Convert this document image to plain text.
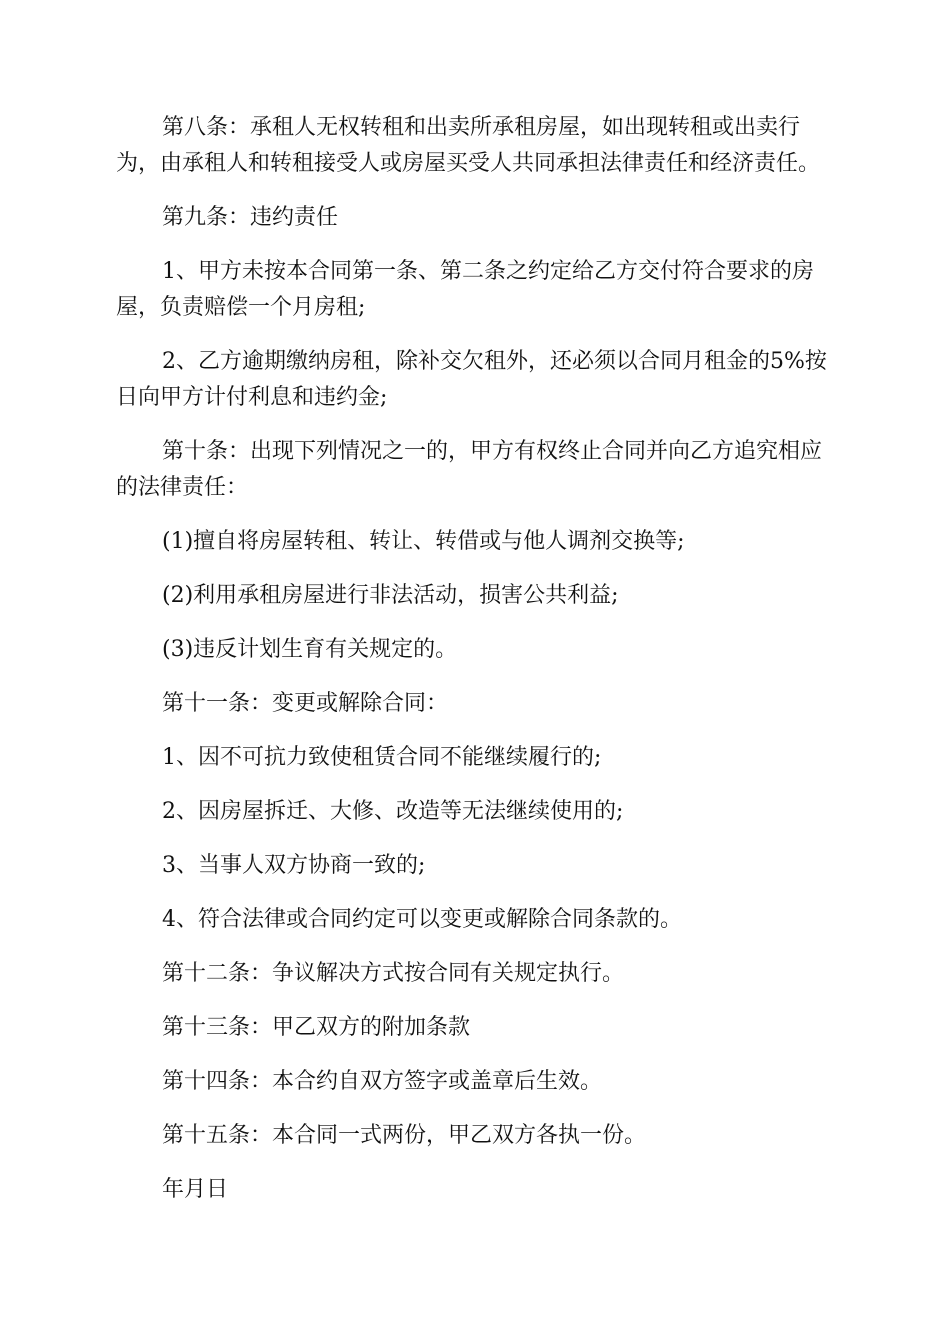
第八条：承租人无权转租和出卖所承租房屋，如出现转租或出卖行为，由承租人和转租接受人或房屋买受人共同承担法律责任和经济责任。

第九条：违约责任

1、甲方未按本合同第一条、第二条之约定给乙方交付符合要求的房屋，负责赔偿一个月房租;

2、乙方逾期缴纳房租，除补交欠租外，还必须以合同月租金的5%按日向甲方计付利息和违约金;

第十条：出现下列情况之一的，甲方有权终止合同并向乙方追究相应的法律责任：

(1)擅自将房屋转租、转让、转借或与他人调剂交换等;

(2)利用承租房屋进行非法活动，损害公共利益;

(3)违反计划生育有关规定的。

第十一条：变更或解除合同：

1、因不可抗力致使租赁合同不能继续履行的;

2、因房屋拆迁、大修、改造等无法继续使用的;

3、当事人双方协商一致的;

4、符合法律或合同约定可以变更或解除合同条款的。

第十二条：争议解决方式按合同有关规定执行。

第十三条：甲乙双方的附加条款

第十四条：本合约自双方签字或盖章后生效。

第十五条：本合同一式两份，甲乙双方各执一份。

年月日
